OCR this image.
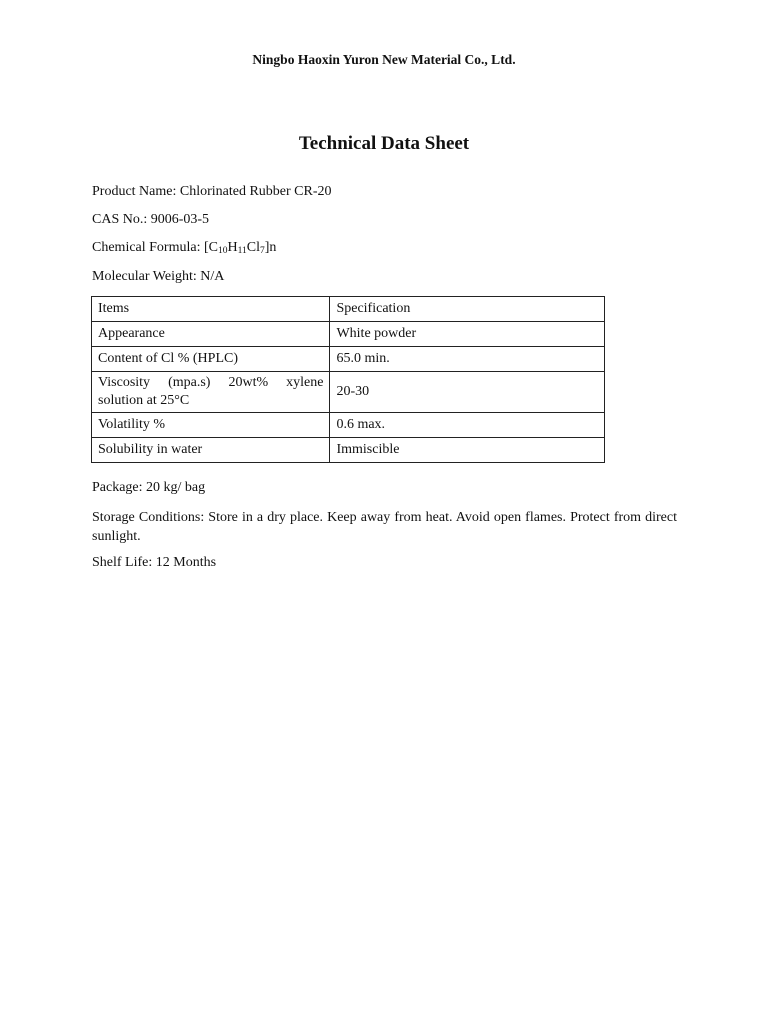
Ningbo Haoxin Yuron New Material Co., Ltd.
Technical Data Sheet
Product Name: Chlorinated Rubber CR-20
CAS No.: 9006-03-5
Chemical Formula: $[C_{10}H_{11}Cl_7]n$
Molecular Weight: N/A
Items	Specification
Appearance	White powder
Content of Cl % (HPLC)	65.0 min.
Viscosity (mpa.s) 20wt% xylene solution at 25°C	20-30
Volatility %	0.6 max.
Solubility in water	Immiscible
Package: 20 kg/ bag
Storage Conditions: Store in a dry place. Keep away from heat. Avoid open flames. Protect from direct sunlight.
Shelf Life: 12 Months
